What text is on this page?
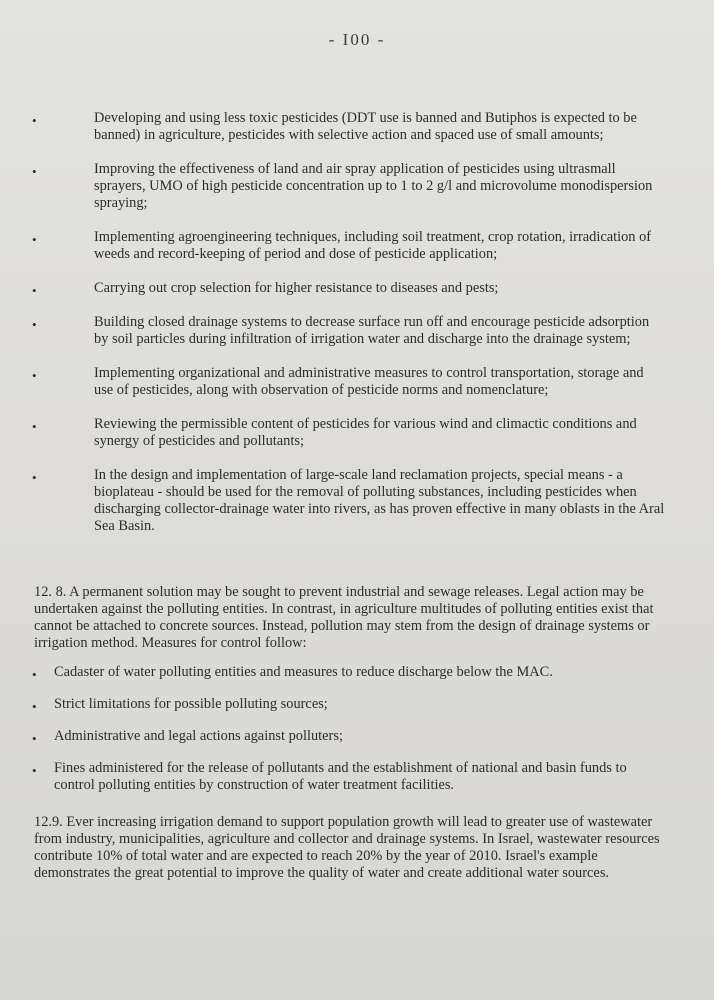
- I00 -
•	Developing and using less toxic pesticides (DDT use is banned and Butiphos is expected to be banned) in agriculture, pesticides with selective action and spaced use of small amounts;
•	Improving the effectiveness of land and air spray application of pesticides using ultrasmall sprayers, UMO of high pesticide concentration up to 1 to 2 g/l and microvolume monodispersion spraying;
•	Implementing agroengineering techniques, including soil treatment, crop rotation, irradication of weeds and record-keeping of period and dose of pesticide application;
•	Carrying out crop selection for higher resistance to diseases and pests;
•	Building closed drainage systems to decrease surface run off and encourage pesticide adsorption by soil particles during infiltration of irrigation water and discharge into the drainage system;
•	Implementing organizational and administrative measures to control transportation, storage and use of pesticides, along with observation of pesticide norms and nomenclature;
•	Reviewing the permissible content of pesticides for various wind and climactic conditions and synergy of pesticides and pollutants;
•	In the design and implementation of large-scale land reclamation projects, special means - a bioplateau - should be used for the removal of polluting substances, including pesticides when discharging collector-drainage water into rivers, as has proven effective in many oblasts in the Aral Sea Basin.
12. 8. A permanent solution may be sought to prevent industrial and sewage releases. Legal action may be undertaken against the polluting entities. In contrast, in agriculture multitudes of polluting entities exist that cannot be attached to concrete sources. Instead, pollution may stem from the design of drainage systems or irrigation method. Measures for control follow:
• Cadaster of water polluting entities and measures to reduce discharge below the MAC.
• Strict limitations for possible polluting sources;
• Administrative and legal actions against polluters;
• Fines administered for the release of pollutants and the establishment of national and basin funds to control polluting entities by construction of water treatment facilities.
12.9. Ever increasing irrigation demand to support population growth will lead to greater use of wastewater from industry, municipalities, agriculture and collector and drainage systems. In Israel, wastewater resources contribute 10% of total water and are expected to reach 20% by the year of 2010. Israel's example demonstrates the great potential to improve the quality of water and create additional water sources.
